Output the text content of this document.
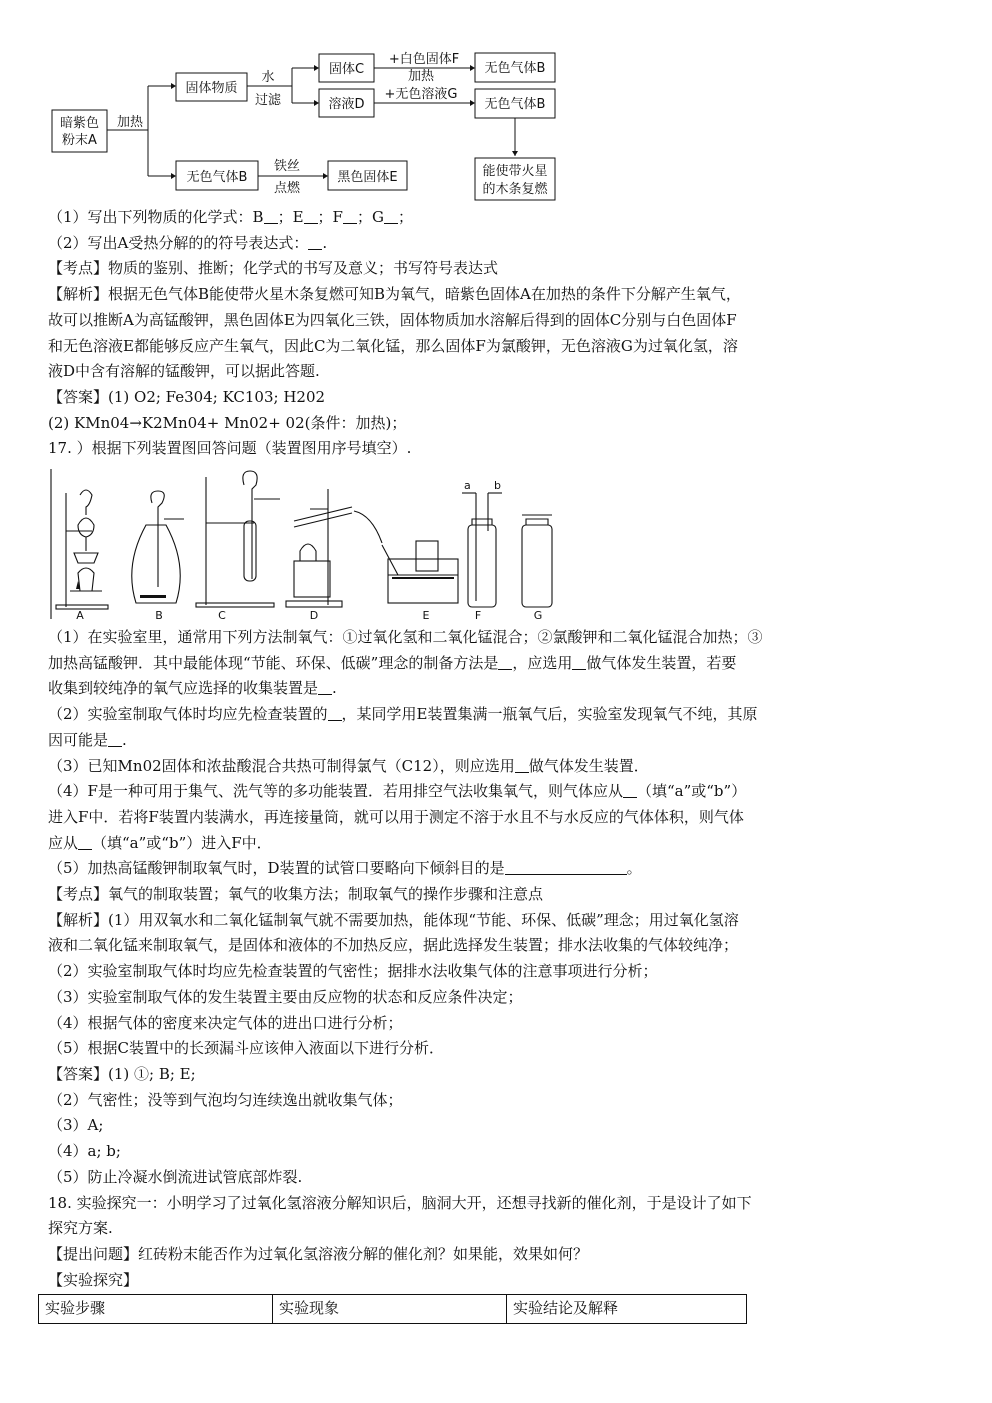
暗紫色
粉末A
加热
固体物质
水
过滤
固体C
溶液D
+白色固体F
加热
+无色溶液G
无色气体B
无色气体B
无色气体B
铁丝
点燃
黑色固体E	能使带火星
的木条复燃

（1）写出下列物质的化学式：B ；E ；F ；G ；

（2）写出A受热分解的的符号表达式： .

【考点】物质的鉴别、推断；化学式的书写及意义；书写符号表达式

【解析】根据无色气体B能使带火星木条复燃可知B为氧气，暗紫色固体A在加热的条件下分解产生氧气，

故可以推断A为高锰酸钾，黑色固体E为四氧化三铁，固体物质加水溶解后得到的固体C分别与白色固体F

和无色溶液E都能够反应产生氧气，因此C为二氧化锰，那么固体F为氯酸钾，无色溶液G为过氧化氢，溶

液D中含有溶解的锰酸钾，可以据此答题.

【答案】(1) O2; Fe304; KC103; H202

(2) KMn04→K2Mn04+ Mn02+ 02(条件：加热)；

17. ）根据下列装置图回答问题（装置图用序号填空）.

a b
A	B	C	D	E	F	G

（1）在实验室里，通常用下列方法制氧气：①过氧化氢和二氧化锰混合；②氯酸钾和二氧化锰混合加热；③

加热高锰酸钾．其中最能体现“节能、环保、低碳”理念的制备方法是 ，应选用 做气体发生装置，若要

收集到较纯净的氧气应选择的收集装置是 .

（2）实验室制取气体时均应先检查装置的 ，某同学用E装置集满一瓶氧气后，实验室发现氧气不纯，其原

因可能是 .

（3）已知Mn02固体和浓盐酸混合共热可制得氯气（C12），则应选用 做气体发生装置．

（4）F是一种可用于集气、洗气等的多功能装置．若用排空气法收集氧气，则气体应从 （填“a”或“b”）

进入F中．若将F装置内装满水，再连接量筒，就可以用于测定不溶于水且不与水反应的气体体积，则气体

应从 （填“a”或“b”）进入F中．

（5）加热高锰酸钾制取氧气时，D装置的试管口要略向下倾斜目的是	。

【考点】氧气的制取装置；氧气的收集方法；制取氧气的操作步骤和注意点

【解析】(1）用双氧水和二氧化锰制氧气就不需要加热，能体现“节能、环保、低碳”理念；用过氧化氢溶

液和二氧化锰来制取氧气，是固体和液体的不加热反应，据此选择发生装置；排水法收集的气体较纯净；

（2）实验室制取气体时均应先检查装置的气密性；据排水法收集气体的注意事项进行分析；

（3）实验室制取气体的发生装置主要由反应物的状态和反应条件决定；

（4）根据气体的密度来决定气体的进出口进行分析；

（5）根据C装置中的长颈漏斗应该伸入液面以下进行分析．

【答案】(1) ①; B; E;

（2）气密性；没等到气泡均匀连续逸出就收集气体；

（3）A;

（4）a; b;

（5）防止冷凝水倒流进试管底部炸裂.

18. 实验探究一：小明学习了过氧化氢溶液分解知识后，脑洞大开，还想寻找新的催化剂，于是设计了如下

探究方案.

【提出问题】红砖粉末能否作为过氧化氢溶液分解的催化剂？如果能，效果如何？

【实验探究】

实验步骤	实验现象	实验结论及解释
